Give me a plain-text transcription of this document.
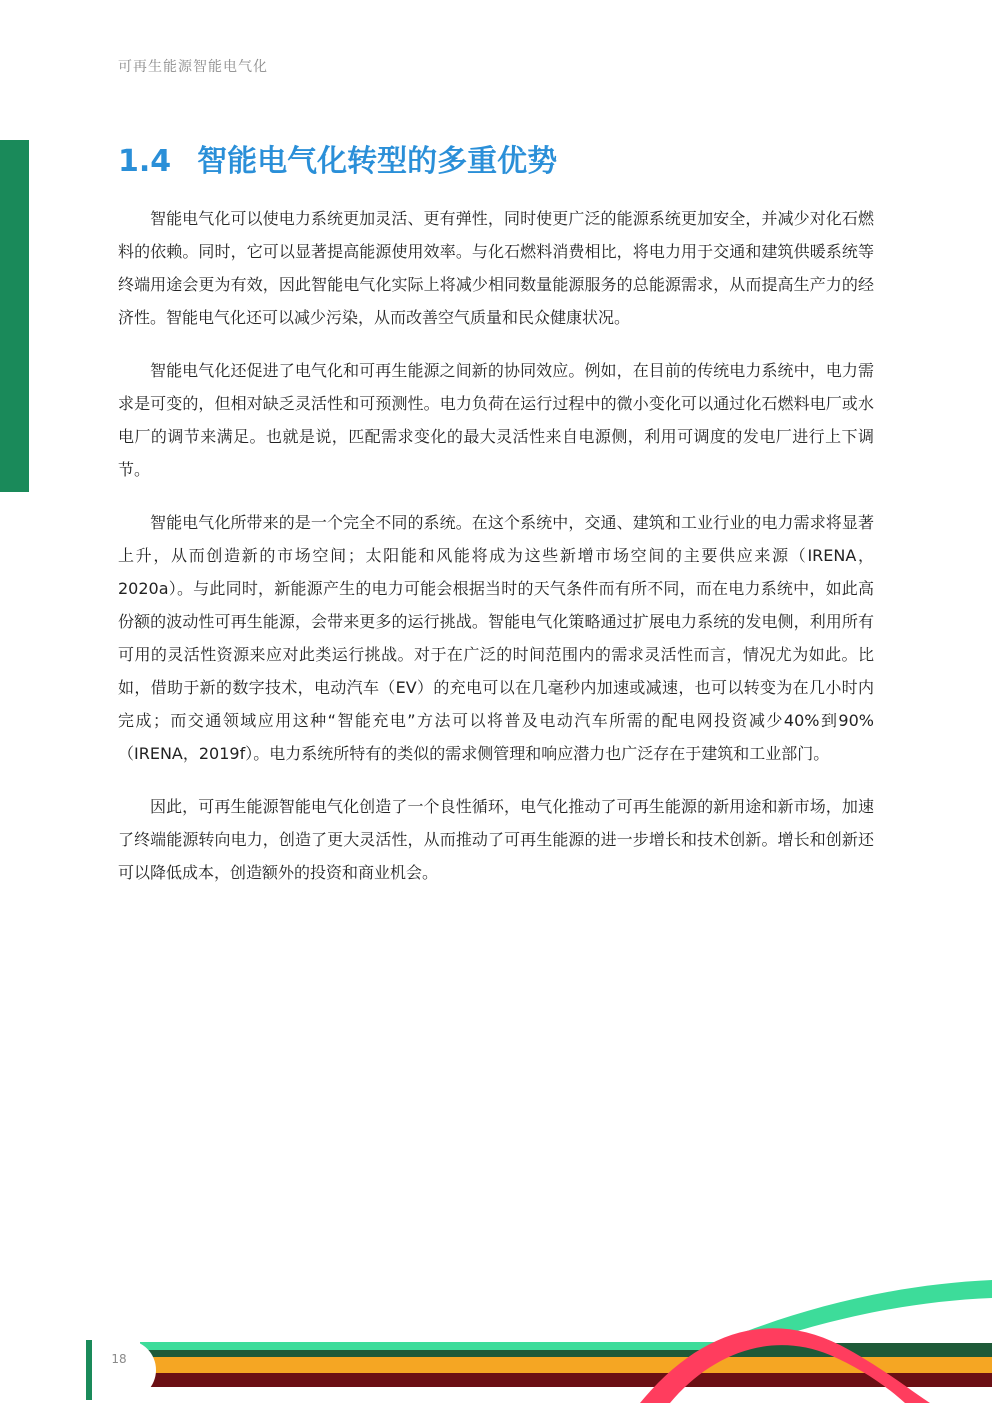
可再生能源智能电气化
1.4 智能电气化转型的多重优势

智能电气化可以使电力系统更加灵活、更有弹性，同时使更广泛的能源系统更加安全，并减少对化石燃料的依赖。同时，它可以显著提高能源使用效率。与化石燃料消费相比，将电力用于交通和建筑供暖系统等终端用途会更为有效，因此智能电气化实际上将减少相同数量能源服务的总能源需求，从而提高生产力的经济性。智能电气化还可以减少污染，从而改善空气质量和民众健康状况。

智能电气化还促进了电气化和可再生能源之间新的协同效应。例如，在目前的传统电力系统中，电力需求是可变的，但相对缺乏灵活性和可预测性。电力负荷在运行过程中的微小变化可以通过化石燃料电厂或水电厂的调节来满足。也就是说，匹配需求变化的最大灵活性来自电源侧，利用可调度的发电厂进行上下调节。

智能电气化所带来的是一个完全不同的系统。在这个系统中，交通、建筑和工业行业的电力需求将显著上升，从而创造新的市场空间；太阳能和风能将成为这些新增市场空间的主要供应来源（IRENA，2020a）。与此同时，新能源产生的电力可能会根据当时的天气条件而有所不同，而在电力系统中，如此高份额的波动性可再生能源，会带来更多的运行挑战。智能电气化策略通过扩展电力系统的发电侧，利用所有可用的灵活性资源来应对此类运行挑战。对于在广泛的时间范围内的需求灵活性而言，情况尤为如此。比如，借助于新的数字技术，电动汽车（EV）的充电可以在几毫秒内加速或减速，也可以转变为在几小时内完成；而交通领域应用这种“智能充电”方法可以将普及电动汽车所需的配电网投资减少40%到90%（IRENA，2019f）。电力系统所特有的类似的需求侧管理和响应潜力也广泛存在于建筑和工业部门。

因此，可再生能源智能电气化创造了一个良性循环，电气化推动了可再生能源的新用途和新市场，加速了终端能源转向电力，创造了更大灵活性，从而推动了可再生能源的进一步增长和技术创新。增长和创新还可以降低成本，创造额外的投资和商业机会。

18
